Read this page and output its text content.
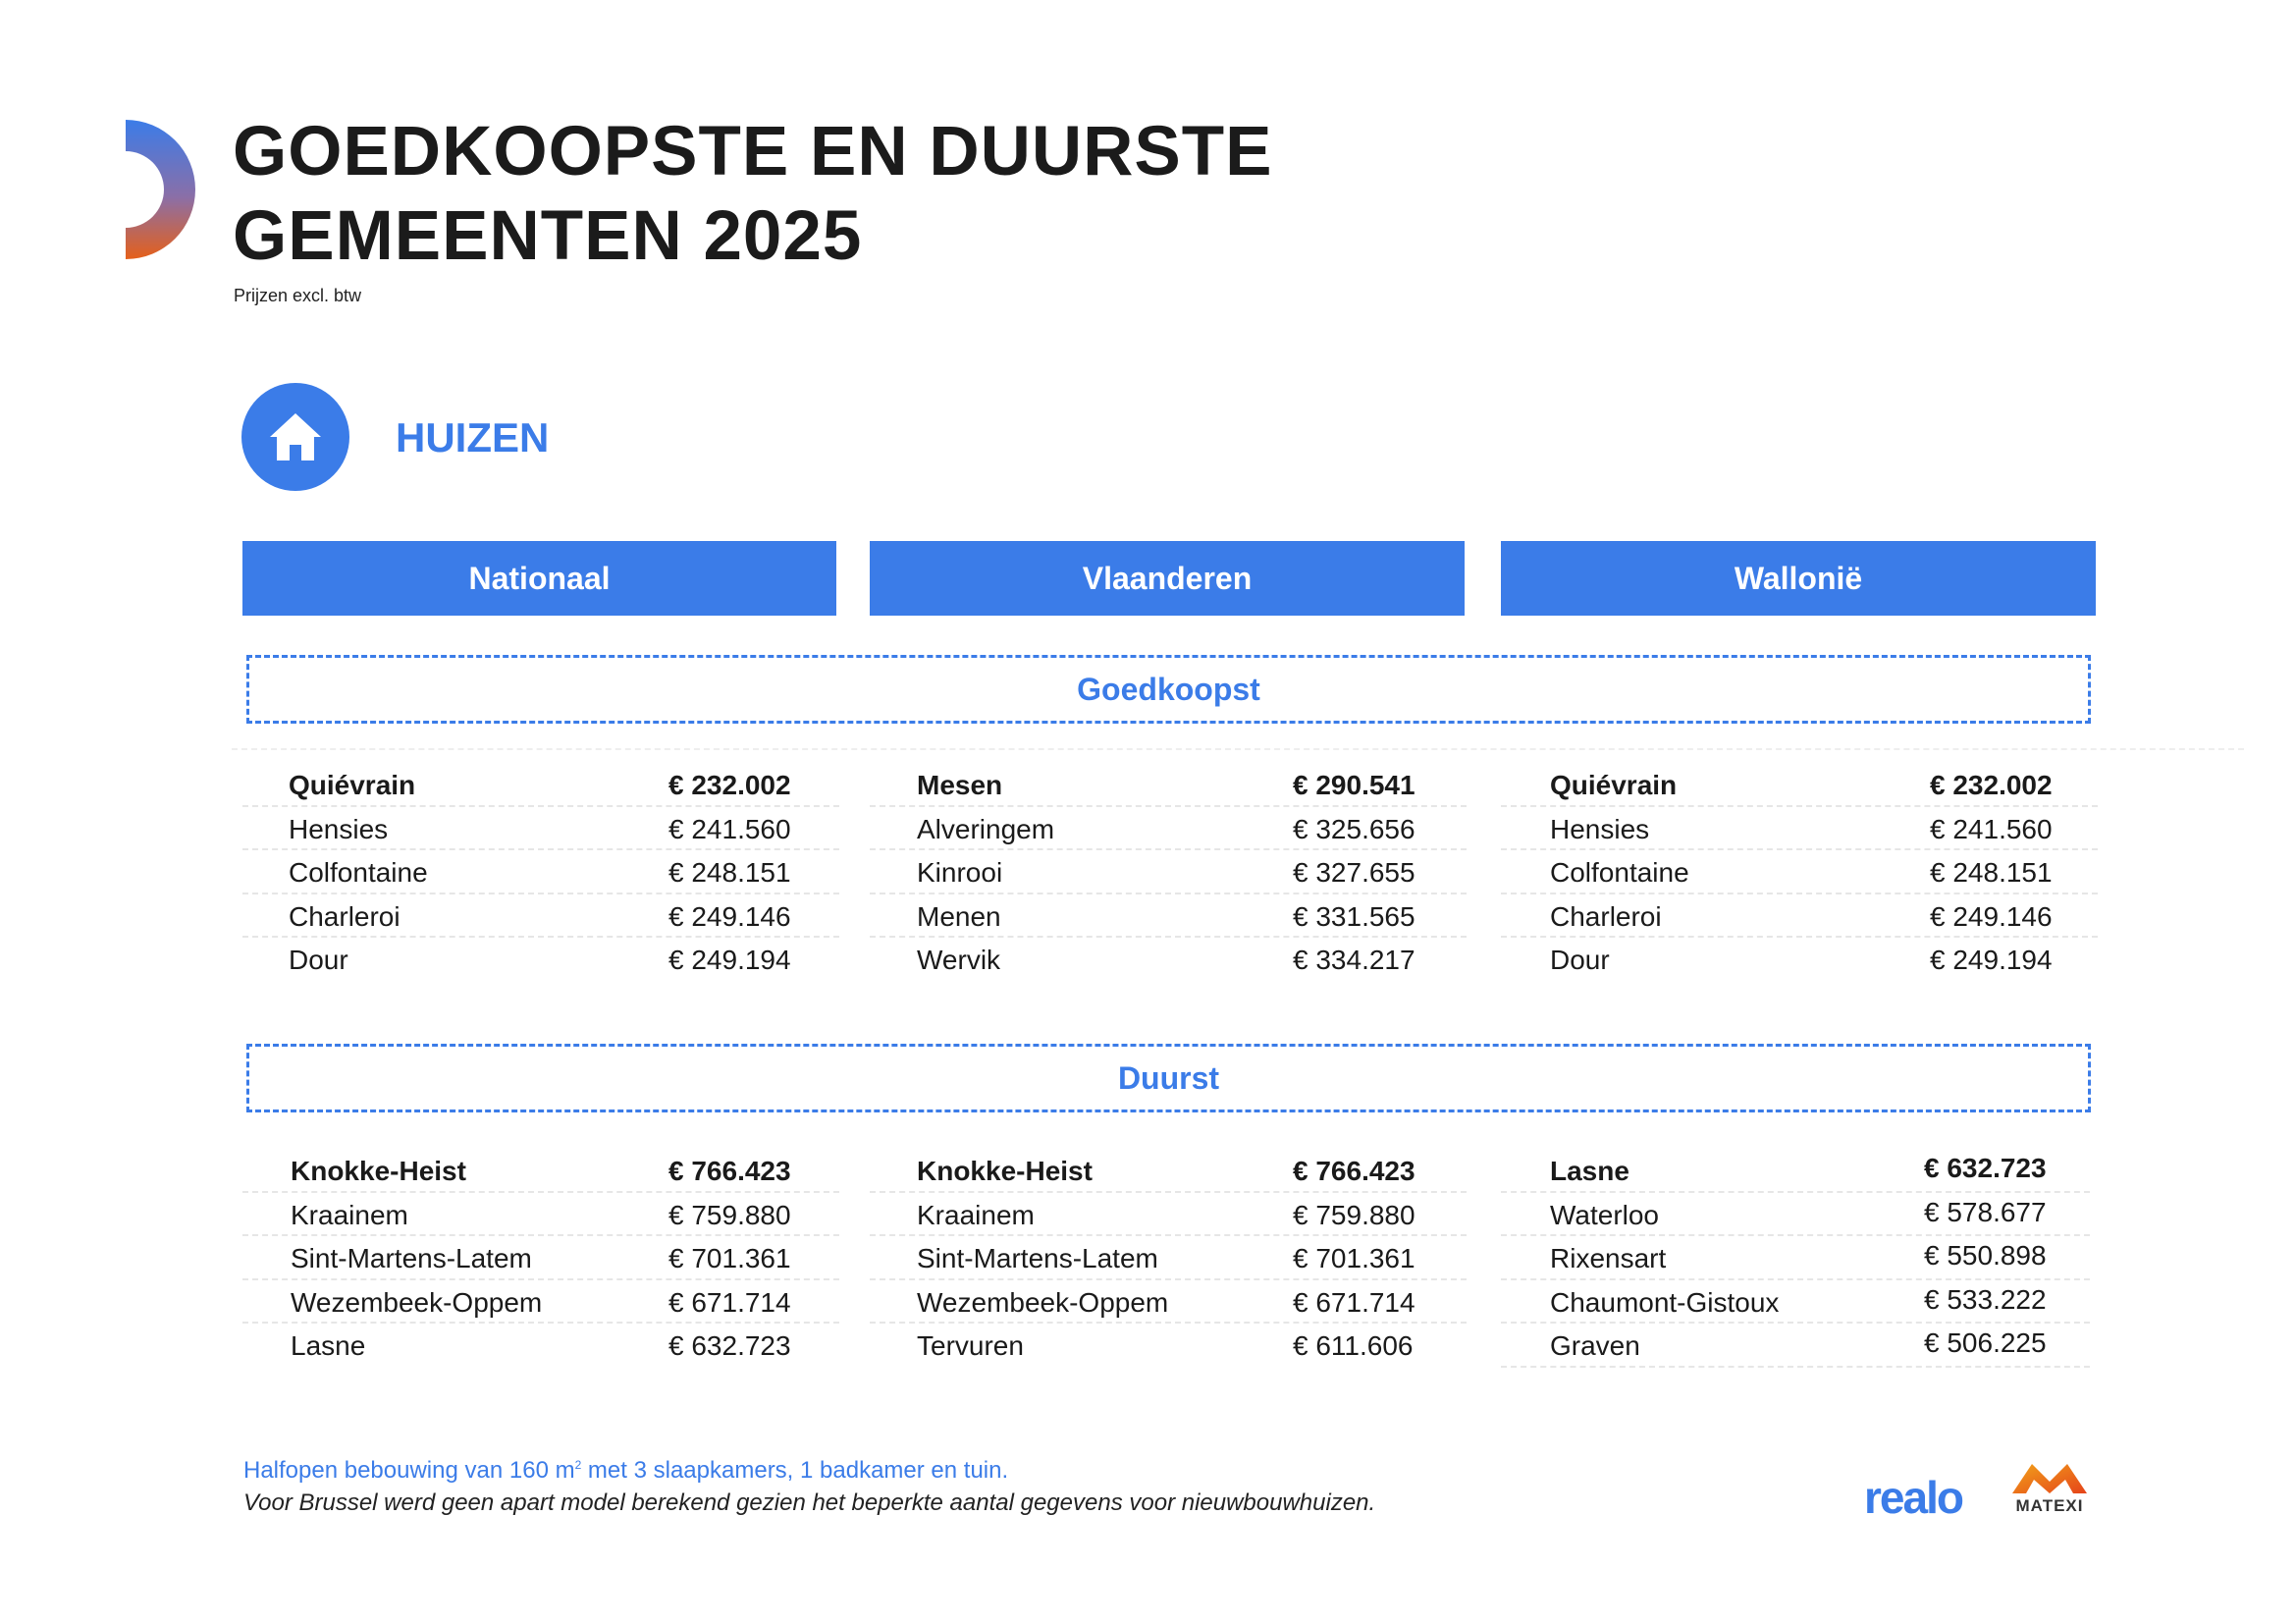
GOEDKOOPSTE EN DUURSTE
GEMEENTEN 2025
Prijzen excl. btw
HUIZEN
Nationaal	Vlaanderen	Wallonië
Goedkoopst
Quiévrain	€ 232.002
Hensies	€ 241.560
Colfontaine	€ 248.151
Charleroi	€ 249.146
Dour	€ 249.194
Mesen	€ 290.541
Alveringem	€ 325.656
Kinrooi	€ 327.655
Menen	€ 331.565
Wervik	€ 334.217
Quiévrain	€ 232.002
Hensies	€ 241.560
Colfontaine	€ 248.151
Charleroi	€ 249.146
Dour	€ 249.194
Duurst
Knokke-Heist	€ 766.423
Kraainem	€ 759.880
Sint-Martens-Latem	€ 701.361
Wezembeek-Oppem	€ 671.714
Lasne	€ 632.723
Knokke-Heist	€ 766.423
Kraainem	€ 759.880
Sint-Martens-Latem	€ 701.361
Wezembeek-Oppem	€ 671.714
Tervuren	€ 611.606
Lasne	€ 632.723
Waterloo	€ 578.677
Rixensart	€ 550.898
Chaumont-Gistoux	€ 533.222
Graven	€ 506.225
Halfopen bebouwing van 160 $m^2$ met 3 slaapkamers, 1 badkamer en tuin.
Voor Brussel werd geen apart model berekend gezien het beperkte aantal gegevens voor nieuwbouwhuizen.	realo	MATEXI
